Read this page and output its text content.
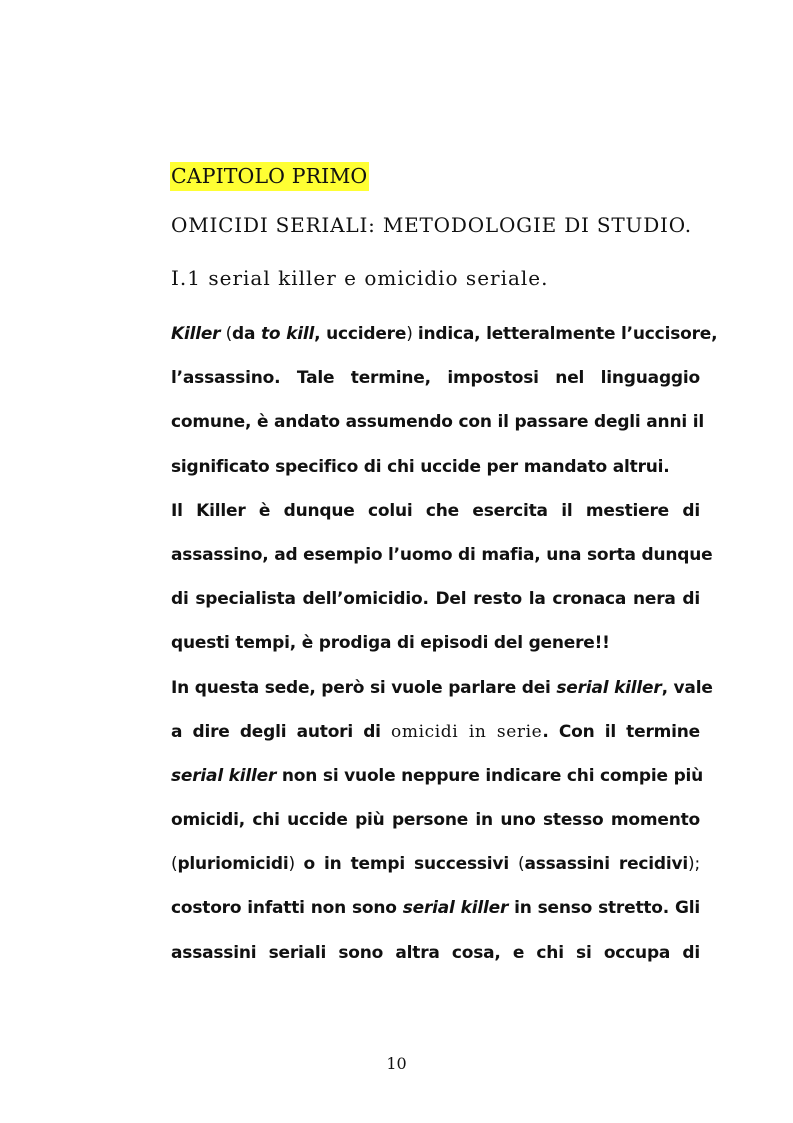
CAPITOLO PRIMO
OMICIDI SERIALI: METODOLOGIE DI STUDIO.
I.1 serial killer e omicidio seriale.
Killer (da to kill, uccidere) indica, letteralmente l’uccisore,
l’assassino. Tale termine, impostosi nel linguaggio
comune, è andato assumendo con il passare degli anni il
significato specifico di chi uccide per mandato altrui.
Il Killer è dunque colui che esercita il mestiere di
assassino, ad esempio l’uomo di mafia, una sorta dunque
di specialista dell’omicidio. Del resto la cronaca nera di
questi tempi, è prodiga di episodi del genere!!
In questa sede, però si vuole parlare dei serial killer, vale
a dire degli autori di omicidi in serie. Con il termine
serial killer non si vuole neppure indicare chi compie più
omicidi, chi uccide più persone in uno stesso momento
(pluriomicidi) o in tempi successivi (assassini recidivi);
costoro infatti non sono serial killer in senso stretto. Gli
assassini seriali sono altra cosa, e chi si occupa di
10
